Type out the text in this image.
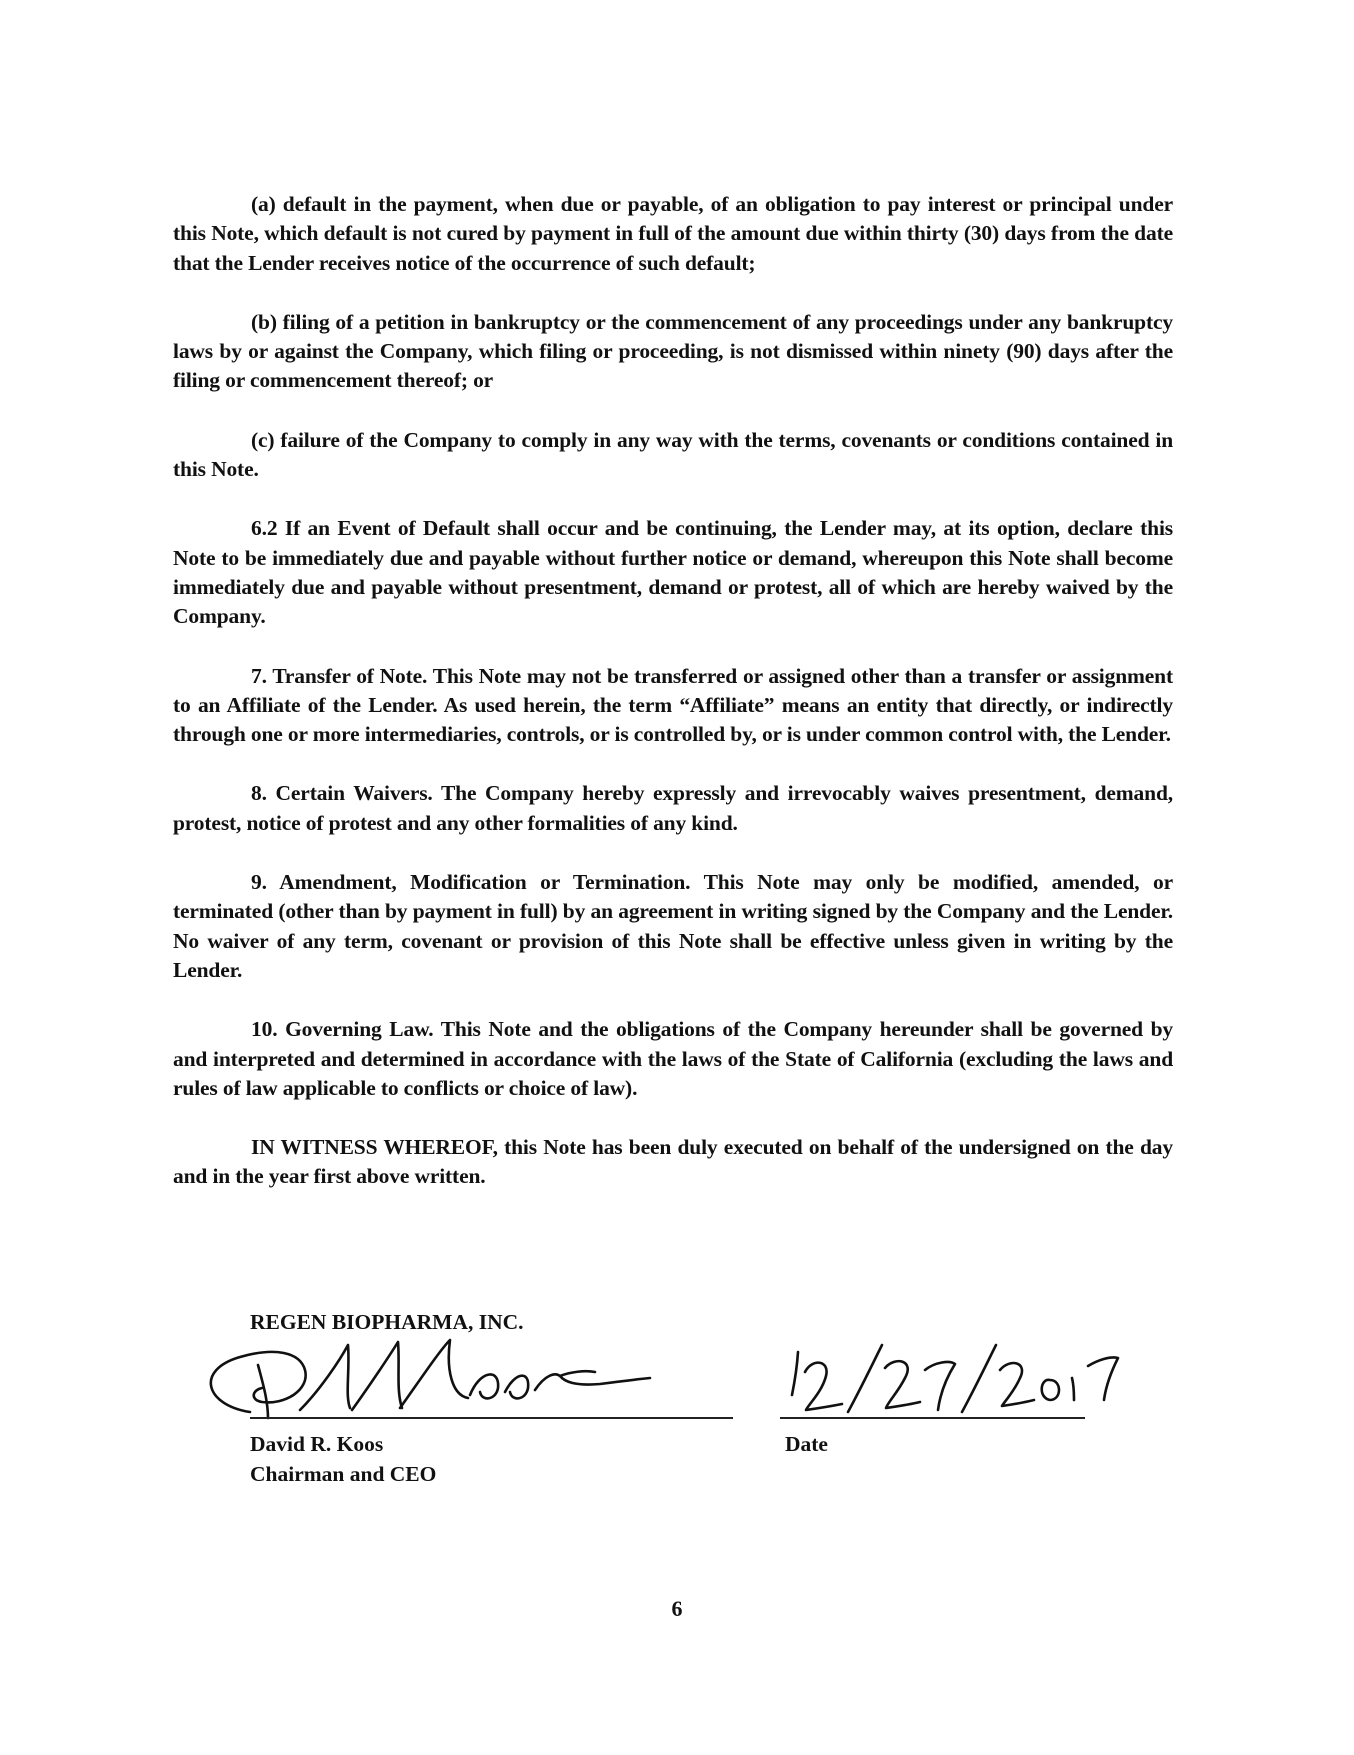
(a) default in the payment, when due or payable, of an obligation to pay interest or principal under this Note, which default is not cured by payment in full of the amount due within thirty (30) days from the date that the Lender receives notice of the occurrence of such default;

(b) filing of a petition in bankruptcy or the commencement of any proceedings under any bankruptcy laws by or against the Company, which filing or proceeding, is not dismissed within ninety (90) days after the filing or commencement thereof; or

(c) failure of the Company to comply in any way with the terms, covenants or conditions contained in this Note.

6.2 If an Event of Default shall occur and be continuing, the Lender may, at its option, declare this Note to be immediately due and payable without further notice or demand, whereupon this Note shall become immediately due and payable without presentment, demand or protest, all of which are hereby waived by the Company.

7. Transfer of Note. This Note may not be transferred or assigned other than a transfer or assignment to an Affiliate of the Lender. As used herein, the term “Affiliate” means an entity that directly, or indirectly through one or more intermediaries, controls, or is controlled by, or is under common control with, the Lender.

8. Certain Waivers. The Company hereby expressly and irrevocably waives presentment, demand, protest, notice of protest and any other formalities of any kind.

9. Amendment, Modification or Termination. This Note may only be modified, amended, or terminated (other than by payment in full) by an agreement in writing signed by the Company and the Lender. No waiver of any term, covenant or provision of this Note shall be effective unless given in writing by the Lender.

10. Governing Law. This Note and the obligations of the Company hereunder shall be governed by and interpreted and determined in accordance with the laws of the State of California (excluding the laws and rules of law applicable to conflicts or choice of law).

IN WITNESS WHEREOF, this Note has been duly executed on behalf of the undersigned on the day and in the year first above written.

REGEN BIOPHARMA, INC.
David R. Koos
Chairman and CEO
Date
6
